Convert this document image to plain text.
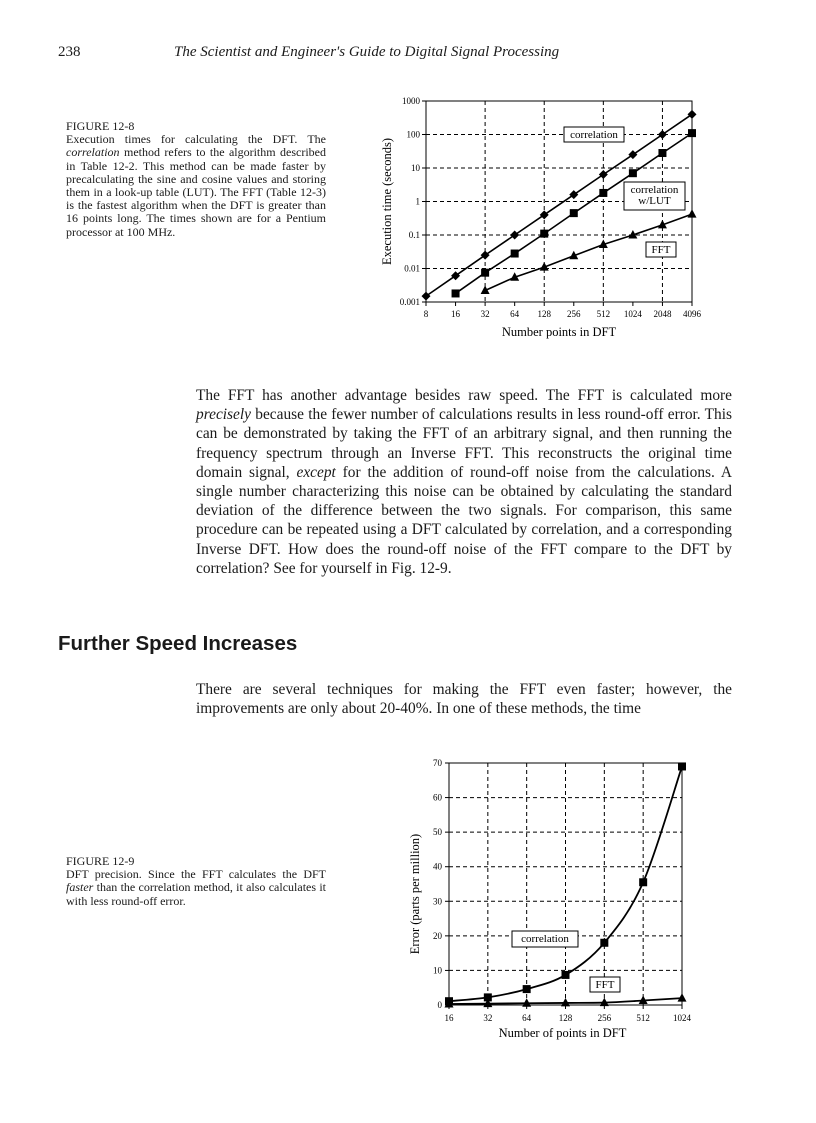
238	The Scientist and Engineer's Guide to Digital Signal Processing
FIGURE 12-8
Execution times for calculating the DFT. The correlation method refers to the algorithm described in Table 12-2. This method can be made faster by precalculating the sine and cosine values and storing them in a look-up table (LUT). The FFT (Table 12-3) is the fastest algorithm when the DFT is greater than 16 points long. The times shown are for a Pentium processor at 100 MHz.
8	16 32 64 128 256 512 1024 2048 4096
0.001
0.01
0.1
1
10
100
1000
Number points in DFT
Execution time (seconds)
correlation
correlation
w/LUT
FFT
The FFT has another advantage besides raw speed. The FFT is calculated more precisely because the fewer number of calculations results in less round-off error. This can be demonstrated by taking the FFT of an arbitrary signal, and then running the frequency spectrum through an Inverse FFT. This reconstructs the original time domain signal, except for the addition of round-off noise from the calculations. A single number characterizing this noise can be obtained by calculating the standard deviation of the difference between the two signals. For comparison, this same procedure can be repeated using a DFT calculated by correlation, and a corresponding Inverse DFT. How does the round-off noise of the FFT compare to the DFT by correlation? See for yourself in Fig. 12-9.
Further Speed Increases
There are several techniques for making the FFT even faster; however, the improvements are only about 20-40%. In one of these methods, the time
FIGURE 12-9
DFT precision. Since the FFT calculates the DFT faster than the correlation method, it also calculates it with less round-off error.
16	32	64	128	256	512	1024
0
10
20
30
40
50
60
70
Number of points in DFT
Error (parts per million)	correlation
FFT
